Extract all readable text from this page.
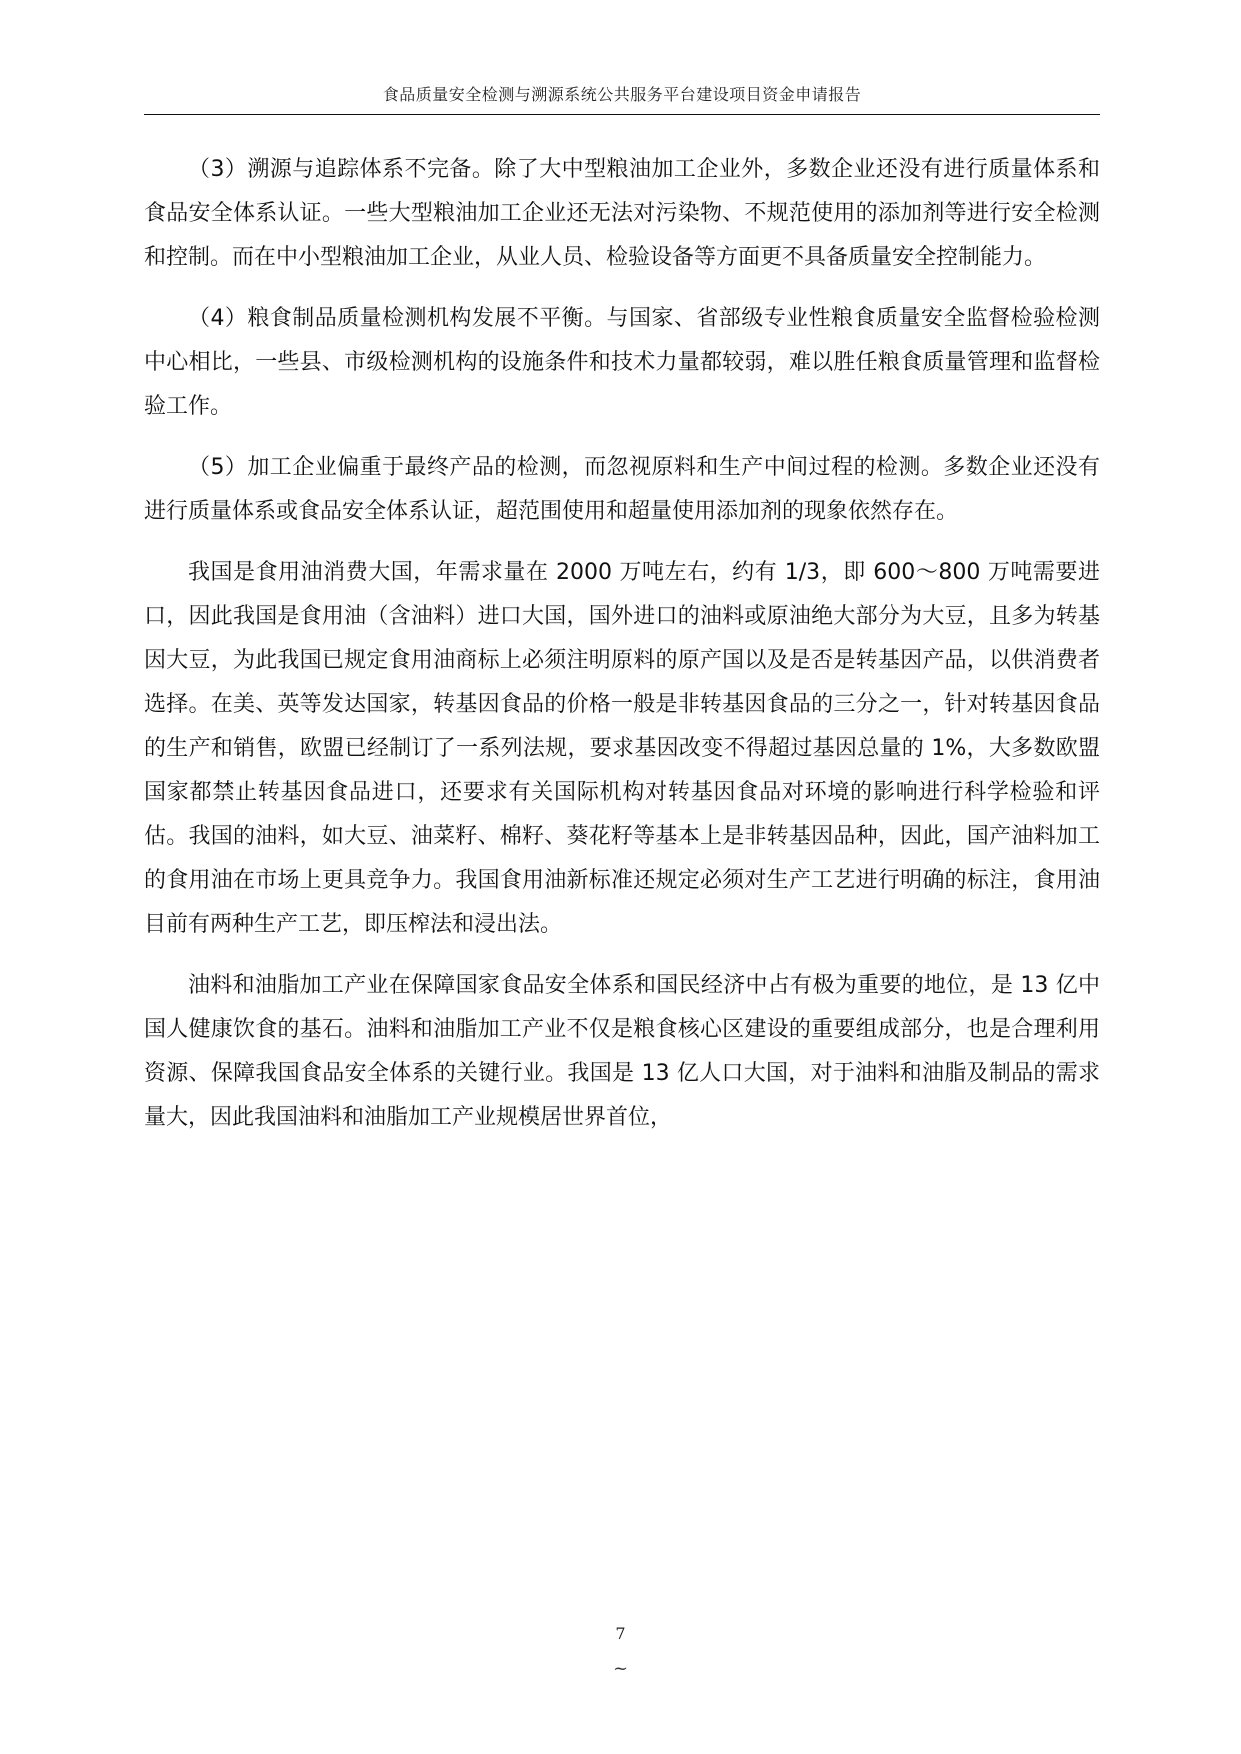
食品质量安全检测与溯源系统公共服务平台建设项目资金申请报告

（3）溯源与追踪体系不完备。除了大中型粮油加工企业外，多数企业还没有进行质量体系和食品安全体系认证。一些大型粮油加工企业还无法对污染物、不规范使用的添加剂等进行安全检测和控制。而在中小型粮油加工企业，从业人员、检验设备等方面更不具备质量安全控制能力。

（4）粮食制品质量检测机构发展不平衡。与国家、省部级专业性粮食质量安全监督检验检测中心相比，一些县、市级检测机构的设施条件和技术力量都较弱，难以胜任粮食质量管理和监督检验工作。

（5）加工企业偏重于最终产品的检测，而忽视原料和生产中间过程的检测。多数企业还没有进行质量体系或食品安全体系认证，超范围使用和超量使用添加剂的现象依然存在。

我国是食用油消费大国，年需求量在 2000 万吨左右，约有 1/3，即 600～800 万吨需要进口，因此我国是食用油（含油料）进口大国，国外进口的油料或原油绝大部分为大豆，且多为转基因大豆，为此我国已规定食用油商标上必须注明原料的原产国以及是否是转基因产品，以供消费者选择。在美、英等发达国家，转基因食品的价格一般是非转基因食品的三分之一，针对转基因食品的生产和销售，欧盟已经制订了一系列法规，要求基因改变不得超过基因总量的 1%，大多数欧盟国家都禁止转基因食品进口，还要求有关国际机构对转基因食品对环境的影响进行科学检验和评估。我国的油料，如大豆、油菜籽、棉籽、葵花籽等基本上是非转基因品种，因此，国产油料加工的食用油在市场上更具竞争力。我国食用油新标准还规定必须对生产工艺进行明确的标注，食用油目前有两种生产工艺，即压榨法和浸出法。

油料和油脂加工产业在保障国家食品安全体系和国民经济中占有极为重要的地位，是 13 亿中国人健康饮食的基石。油料和油脂加工产业不仅是粮食核心区建设的重要组成部分，也是合理利用资源、保障我国食品安全体系的关键行业。我国是 13 亿人口大国，对于油料和油脂及制品的需求量大，因此我国油料和油脂加工产业规模居世界首位，

7
~
